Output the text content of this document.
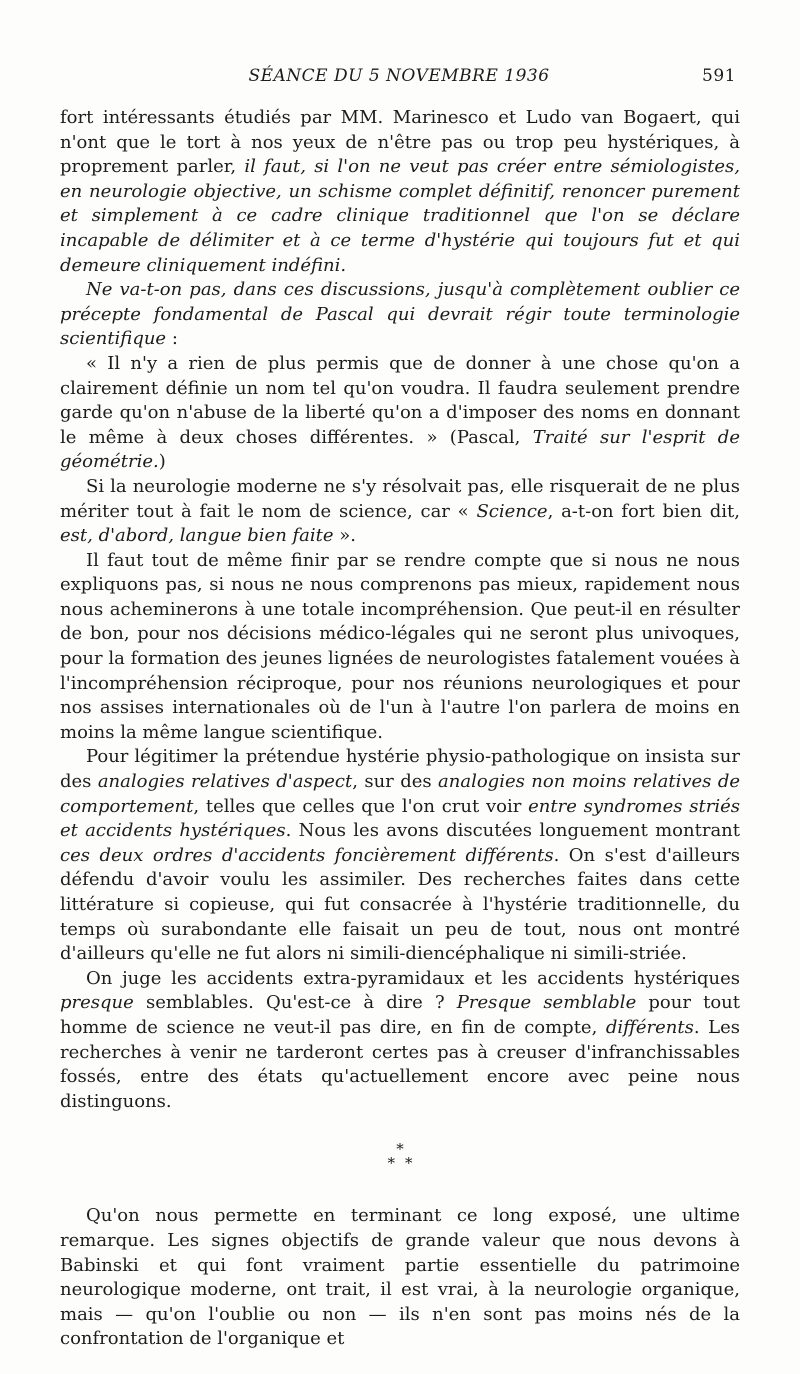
SÉANCE DU 5 NOVEMBRE 1936	591

fort intéressants étudiés par MM. Marinesco et Ludo van Bogaert, qui n'ont que le tort à nos yeux de n'être pas ou trop peu hystériques, à proprement parler, il faut, si l'on ne veut pas créer entre sémiologistes, en neurologie objective, un schisme complet définitif, renoncer purement et simplement à ce cadre clinique traditionnel que l'on se déclare incapable de délimiter et à ce terme d'hystérie qui toujours fut et qui demeure cliniquement indéfini.

Ne va-t-on pas, dans ces discussions, jusqu'à complètement oublier ce précepte fondamental de Pascal qui devrait régir toute terminologie scientifique :

« Il n'y a rien de plus permis que de donner à une chose qu'on a clairement définie un nom tel qu'on voudra. Il faudra seulement prendre garde qu'on n'abuse de la liberté qu'on a d'imposer des noms en donnant le même à deux choses différentes. » (Pascal, Traité sur l'esprit de géométrie.)

Si la neurologie moderne ne s'y résolvait pas, elle risquerait de ne plus mériter tout à fait le nom de science, car « Science, a-t-on fort bien dit, est, d'abord, langue bien faite ».

Il faut tout de même finir par se rendre compte que si nous ne nous expliquons pas, si nous ne nous comprenons pas mieux, rapidement nous nous acheminerons à une totale incompréhension. Que peut-il en résulter de bon, pour nos décisions médico-légales qui ne seront plus univoques, pour la formation des jeunes lignées de neurologistes fatalement vouées à l'incompréhension réciproque, pour nos réunions neurologiques et pour nos assises internationales où de l'un à l'autre l'on parlera de moins en moins la même langue scientifique.

Pour légitimer la prétendue hystérie physio-pathologique on insista sur des analogies relatives d'aspect, sur des analogies non moins relatives de comportement, telles que celles que l'on crut voir entre syndromes striés et accidents hystériques. Nous les avons discutées longuement montrant ces deux ordres d'accidents foncièrement différents. On s'est d'ailleurs défendu d'avoir voulu les assimiler. Des recherches faites dans cette littérature si copieuse, qui fut consacrée à l'hystérie traditionnelle, du temps où surabondante elle faisait un peu de tout, nous ont montré d'ailleurs qu'elle ne fut alors ni simili-diencéphalique ni simili-striée.

On juge les accidents extra-pyramidaux et les accidents hystériques presque semblables. Qu'est-ce à dire ? Presque semblable pour tout homme de science ne veut-il pas dire, en fin de compte, différents. Les recherches à venir ne tarderont certes pas à creuser d'infranchissables fossés, entre des états qu'actuellement encore avec peine nous distinguons.

*
**

Qu'on nous permette en terminant ce long exposé, une ultime remarque. Les signes objectifs de grande valeur que nous devons à Babinski et qui font vraiment partie essentielle du patrimoine neurologique moderne, ont trait, il est vrai, à la neurologie organique, mais — qu'on l'oublie ou non — ils n'en sont pas moins nés de la confrontation de l'organique et
